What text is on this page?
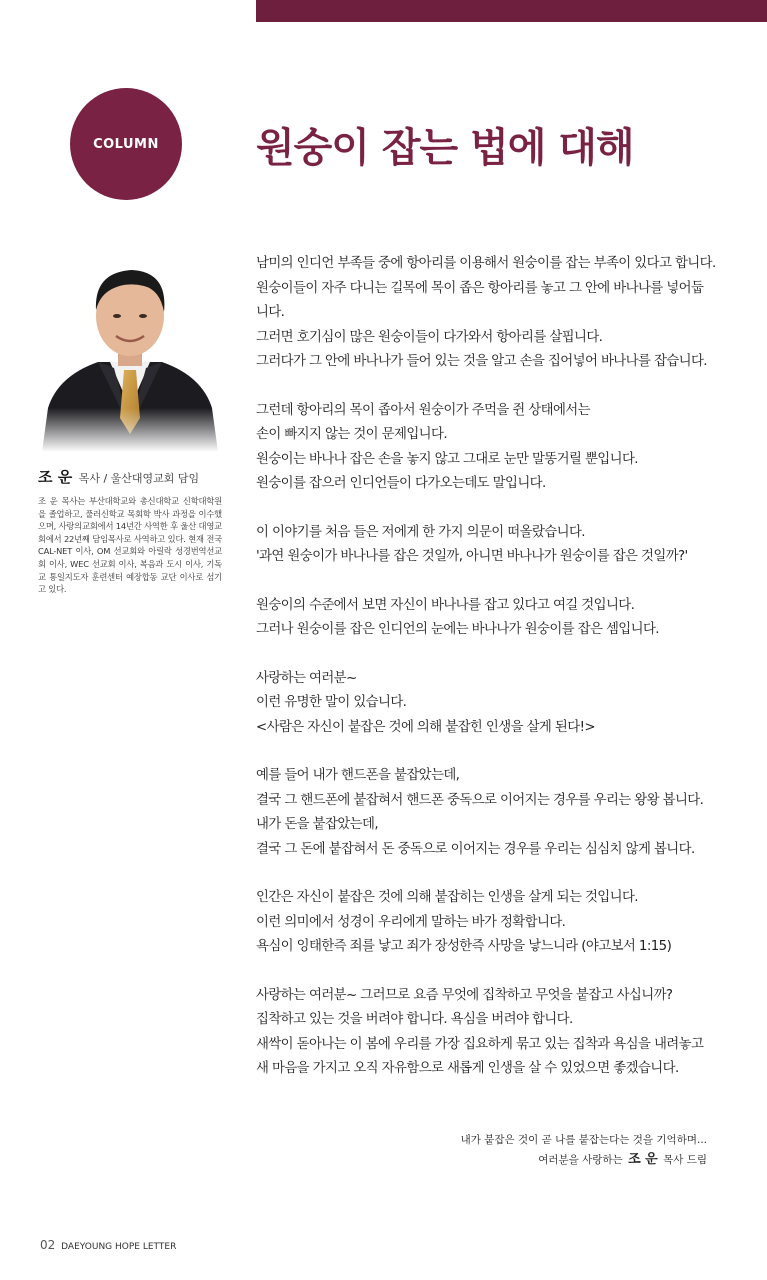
COLUMN 원숭이 잡는 법에 대해

조 운 목사 / 울산대영교회 담임

조 운 목사는 부산대학교와 총신대학교 신학대학원을 졸업하고, 풀러신학교 목회학 박사 과정을 이수했으며, 사랑의교회에서 14년간 사역한 후 울산 대영교회에서 22년째 담임목사로 사역하고 있다. 현재 전국 CAL-NET 이사, OM 선교회와 아릴락 성경번역선교회 이사, WEC 선교회 이사, 복음과 도시 이사, 기독교 통일지도자 훈련센터 예장합동 교단 이사로 섬기고 있다.

남미의 인디언 부족들 중에 항아리를 이용해서 원숭이를 잡는 부족이 있다고 합니다.
원숭이들이 자주 다니는 길목에 목이 좁은 항아리를 놓고 그 안에 바나나를 넣어둡
니다.
그러면 호기심이 많은 원숭이들이 다가와서 항아리를 살핍니다.
그러다가 그 안에 바나나가 들어 있는 것을 알고 손을 집어넣어 바나나를 잡습니다.
그런데 항아리의 목이 좁아서 원숭이가 주먹을 쥔 상태에서는
손이 빠지지 않는 것이 문제입니다.
원숭이는 바나나 잡은 손을 놓지 않고 그대로 눈만 말똥거릴 뿐입니다.
원숭이를 잡으러 인디언들이 다가오는데도 말입니다.
이 이야기를 처음 들은 저에게 한 가지 의문이 떠올랐습니다.
'과연 원숭이가 바나나를 잡은 것일까, 아니면 바나나가 원숭이를 잡은 것일까?'
원숭이의 수준에서 보면 자신이 바나나를 잡고 있다고 여길 것입니다.
그러나 원숭이를 잡은 인디언의 눈에는 바나나가 원숭이를 잡은 셈입니다.
사랑하는 여러분~
이런 유명한 말이 있습니다.
<사람은 자신이 붙잡은 것에 의해 붙잡힌 인생을 살게 된다!>
예를 들어 내가 핸드폰을 붙잡았는데,
결국 그 핸드폰에 붙잡혀서 핸드폰 중독으로 이어지는 경우를 우리는 왕왕 봅니다.
내가 돈을 붙잡았는데,
결국 그 돈에 붙잡혀서 돈 중독으로 이어지는 경우를 우리는 심심치 않게 봅니다.
인간은 자신이 붙잡은 것에 의해 붙잡히는 인생을 살게 되는 것입니다.
이런 의미에서 성경이 우리에게 말하는 바가 정확합니다.
욕심이 잉태한즉 죄를 낳고 죄가 장성한즉 사망을 낳느니라 (야고보서 1:15)
사랑하는 여러분~ 그러므로 요즘 무엇에 집착하고 무엇을 붙잡고 사십니까?
집착하고 있는 것을 버려야 합니다. 욕심을 버려야 합니다.
새싹이 돋아나는 이 봄에 우리를 가장 집요하게 묶고 있는 집착과 욕심을 내려놓고
새 마음을 가지고 오직 자유함으로 새롭게 인생을 살 수 있었으면 좋겠습니다.
내가 붙잡은 것이 곧 나를 붙잡는다는 것을 기억하며...
여러분을 사랑하는 조 운 목사 드림
02 DAEYOUNG HOPE LETTER
